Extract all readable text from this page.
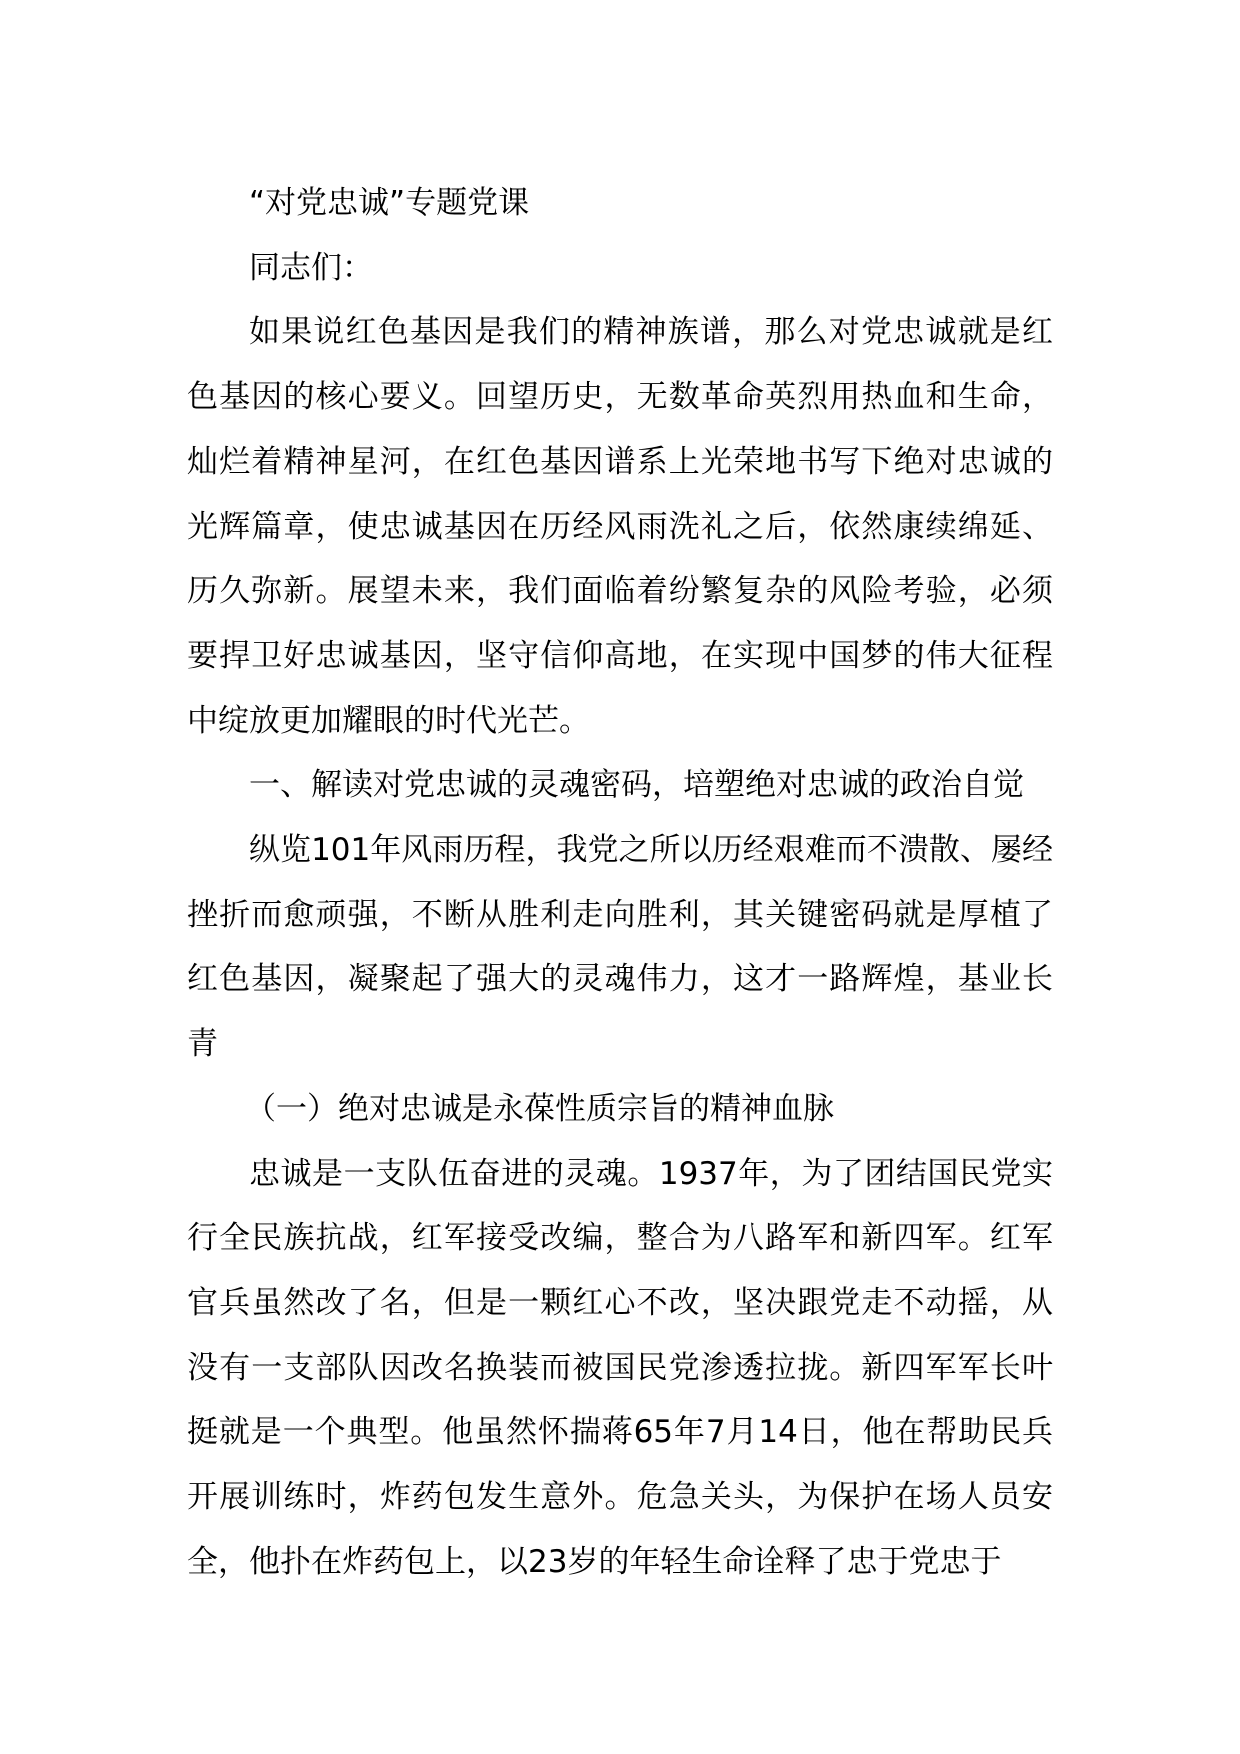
“对党忠诚”专题党课

同志们：

如果说红色基因是我们的精神族谱，那么对党忠诚就是红色基因的核心要义。回望历史，无数革命英烈用热血和生命，灿烂着精神星河，在红色基因谱系上光荣地书写下绝对忠诚的光辉篇章，使忠诚基因在历经风雨洗礼之后，依然康续绵延、历久弥新。展望未来，我们面临着纷繁复杂的风险考验，必须要捍卫好忠诚基因，坚守信仰高地，在实现中国梦的伟大征程中绽放更加耀眼的时代光芒。

一、解读对党忠诚的灵魂密码，培塑绝对忠诚的政治自觉

纵览101年风雨历程，我党之所以历经艰难而不溃散、屡经挫折而愈顽强，不断从胜利走向胜利，其关键密码就是厚植了红色基因，凝聚起了强大的灵魂伟力，这才一路辉煌，基业长青

（一）绝对忠诚是永葆性质宗旨的精神血脉

忠诚是一支队伍奋进的灵魂。1937年，为了团结国民党实行全民族抗战，红军接受改编，整合为八路军和新四军。红军官兵虽然改了名，但是一颗红心不改，坚决跟党走不动摇，从没有一支部队因改名换装而被国民党渗透拉拢。新四军军长叶挺就是一个典型。他虽然怀揣蒋65年7月14日，他在帮助民兵开展训练时，炸药包发生意外。危急关头，为保护在场人员安全，他扑在炸药包上，以23岁的年轻生命诠释了忠于党忠于
